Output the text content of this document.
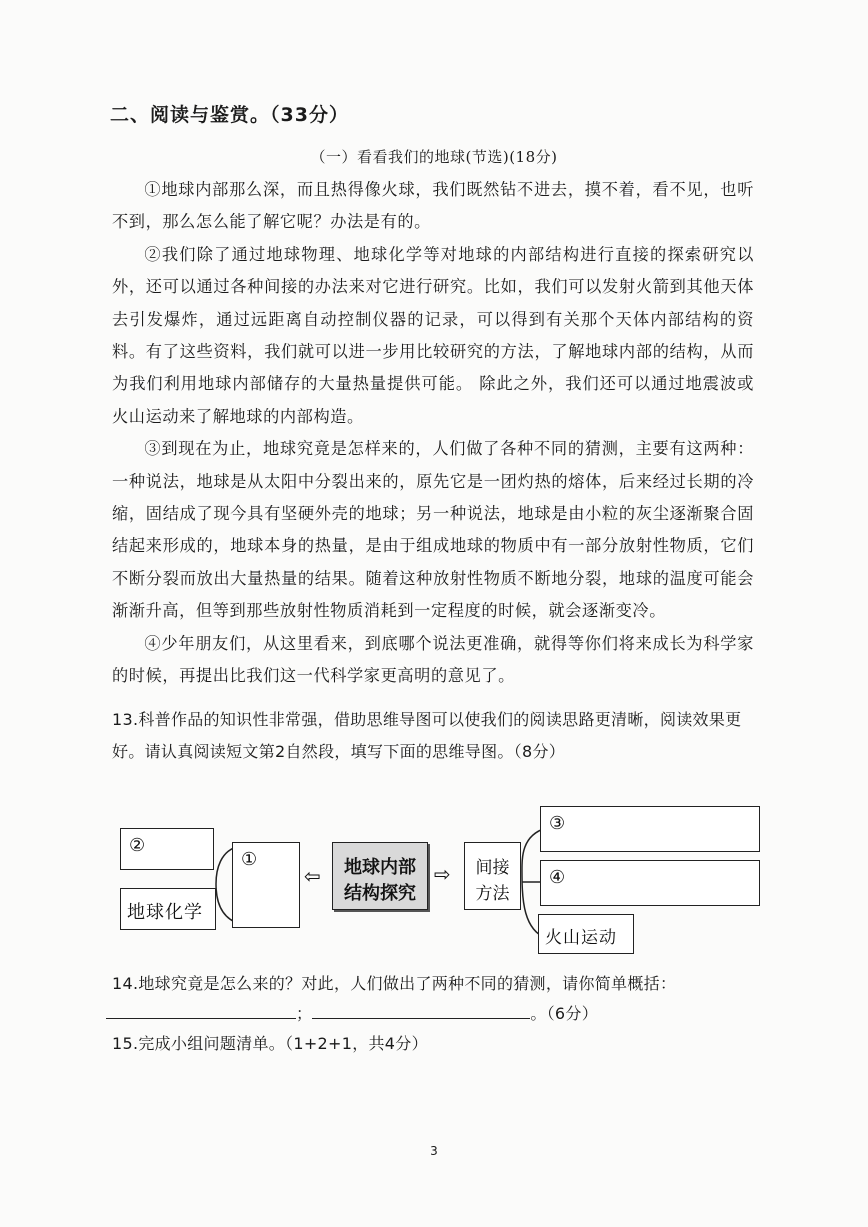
二、阅读与鉴赏。（33分）
（一）看看我们的地球(节选)(18分)

①地球内部那么深，而且热得像火球，我们既然钻不进去，摸不着，看不见，也听不到，那么怎么能了解它呢？办法是有的。

②我们除了通过地球物理、地球化学等对地球的内部结构进行直接的探索研究以外，还可以通过各种间接的办法来对它进行研究。比如，我们可以发射火箭到其他天体去引发爆炸，通过远距离自动控制仪器的记录，可以得到有关那个天体内部结构的资料。有了这些资料，我们就可以进一步用比较研究的方法，了解地球内部的结构，从而为我们利用地球内部储存的大量热量提供可能。 除此之外，我们还可以通过地震波或火山运动来了解地球的内部构造。

③到现在为止，地球究竟是怎样来的，人们做了各种不同的猜测，主要有这两种：一种说法，地球是从太阳中分裂出来的，原先它是一团灼热的熔体，后来经过长期的冷缩，固结成了现今具有坚硬外壳的地球；另一种说法，地球是由小粒的灰尘逐渐聚合固结起来形成的，地球本身的热量，是由于组成地球的物质中有一部分放射性物质，它们不断分裂而放出大量热量的结果。随着这种放射性物质不断地分裂，地球的温度可能会渐渐升高，但等到那些放射性物质消耗到一定程度的时候，就会逐渐变冷。

④少年朋友们，从这里看来，到底哪个说法更准确，就得等你们将来成长为科学家的时候，再提出比我们这一代科学家更高明的意见了。

13.科普作品的知识性非常强，借助思维导图可以使我们的阅读思路更清晰，阅读效果更好。请认真阅读短文第2自然段，填写下面的思维导图。（8分）
②
地球化学
①
⇦	地球内部
结构探究
⇨	间接
方法
③
④
火山运动
14.地球究竟是怎么来的？对此，人们做出了两种不同的猜测，请你简单概括：
；	。（6分）
15.完成小组问题清单。（1+2+1，共4分）
3
